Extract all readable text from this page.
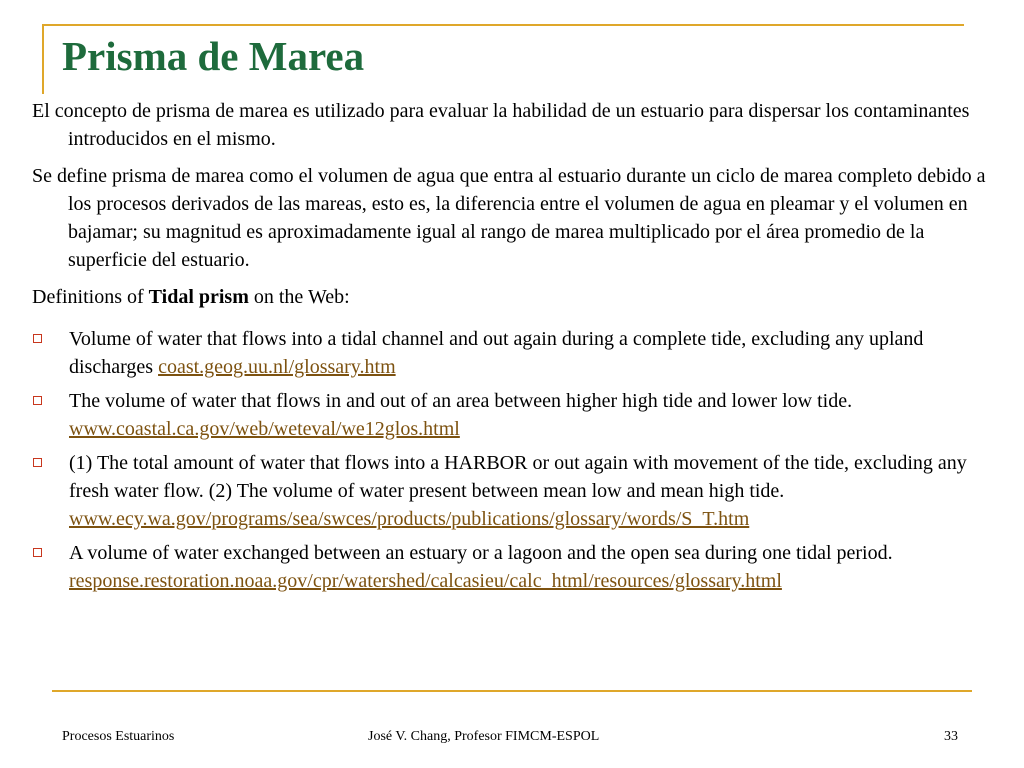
Prisma de Marea

El concepto de prisma de marea es utilizado para evaluar la habilidad de un estuario para dispersar los contaminantes introducidos en el mismo.

Se define prisma de marea como el volumen de agua que entra al estuario durante un ciclo de marea completo debido a los procesos derivados de las mareas, esto es, la diferencia entre el volumen de agua en pleamar y el volumen en bajamar; su magnitud es aproximadamente igual al rango de marea multiplicado por el área promedio de la superficie del estuario.

Definitions of Tidal prism on the Web:

Volume of water that flows into a tidal channel and out again during a complete tide, excluding any upland discharges coast.geog.uu.nl/glossary.htm
The volume of water that flows in and out of an area between higher high tide and lower low tide. www.coastal.ca.gov/web/weteval/we12glos.html
(1) The total amount of water that flows into a HARBOR or out again with movement of the tide, excluding any fresh water flow. (2) The volume of water present between mean low and mean high tide.
www.ecy.wa.gov/programs/sea/swces/products/publications/glossary/words/S_T.htm
A volume of water exchanged between an estuary or a lagoon and the open sea during one tidal period.
response.restoration.noaa.gov/cpr/watershed/calcasieu/calc_html/resources/glossary.html
Procesos Estuarinos	José V. Chang, Profesor FIMCM-ESPOL	33
